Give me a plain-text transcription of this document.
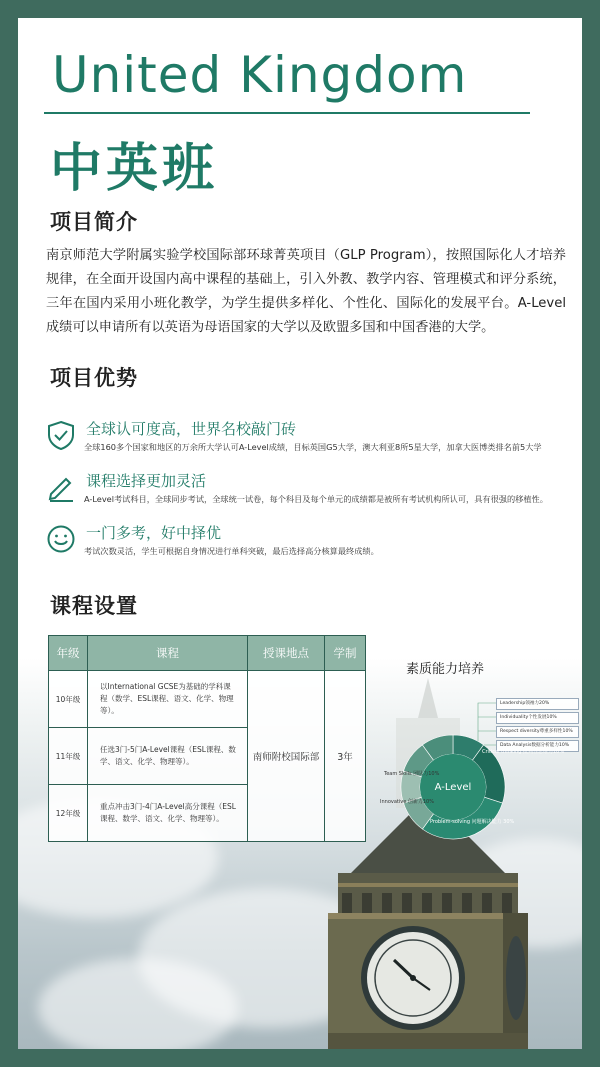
United Kingdom
中英班
项目简介
南京师范大学附属实验学校国际部环球菁英项目（GLP Program），按照国际化人才培养规律，在全面开设国内高中课程的基础上，引入外教、教学内容、管理模式和评分系统，三年在国内采用小班化教学，为学生提供多样化、个性化、国际化的发展平台。A-Level成绩可以申请所有以英语为母语国家的大学以及欧盟多国和中国香港的大学。
项目优势
全球认可度高，世界名校敲门砖
全球160多个国家和地区的万余所大学认可A-Level成绩，目标英国G5大学，澳大利亚8所5星大学，加拿大医博类排名前5大学
课程选择更加灵活
A-Level考试科目，全球同步考试，全球统一试卷，每个科目及每个单元的成绩都是被所有考试机构所认可，具有很强的移植性。
一门多考，好中择优
考试次数灵活，学生可根据自身情况进行单科突破，最后选择高分核算最终成绩。
课程设置
年级	课程	授课地点	学制
10年级	以International GCSE为基础的学科课程（数学、ESL课程、语文、化学、物理等）。	南师附校国际部	3年
11年级	任选3门-5门A-Level课程（ESL课程、数学、语文、化学、物理等）。		
12年级	重点冲击3门-4门A-Level高分课程（ESL课程、数学、语文、化学、物理等）。		
素质能力培养
Leadership领袖力20%
Individuality个性发展10%
Respect diversity尊重多样性10%
Data Analysis数据分析能力10%
A-Level
Critical thinking 批判性思维力10%
Problem-solving 问题解决能力 30%
Innovative 创新力10%
Team Skills 团队力10%
